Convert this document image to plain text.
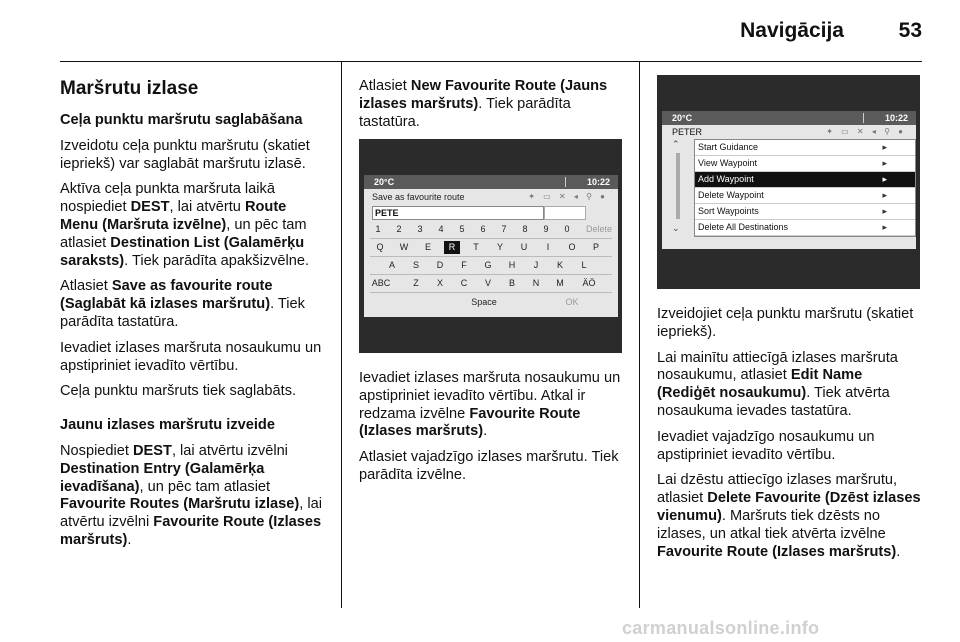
Navigācija	53
Maršrutu izlase

Ceļa punktu maršrutu saglabāšana

Izveidotu ceļa punktu maršrutu (skatiet iepriekš) var saglabāt maršrutu izlasē.

Aktīva ceļa punkta maršruta laikā nospiediet DEST, lai atvērtu Route Menu (Maršruta izvēlne), un pēc tam atlasiet Destination List (Galamērķu saraksts). Tiek parādīta apakšizvēlne.

Atlasiet Save as favourite route (Saglabāt kā izlases maršrutu). Tiek parādīta tastatūra.

Ievadiet izlases maršruta nosaukumu un apstipriniet ievadīto vērtību.

Ceļa punktu maršruts tiek saglabāts.

Jaunu izlases maršrutu izveide

Nospiediet DEST, lai atvērtu izvēlni Destination Entry (Galamērķa ievadīšana), un pēc tam atlasiet Favourite Routes (Maršrutu izlase), lai atvērtu izvēlni Favourite Route (Izlases maršruts).

Atlasiet New Favourite Route (Jauns izlases maršruts). Tiek parādīta tastatūra.

20°C	10:22
Save as favourite route	✦ ▭ ✕ ◂ ⚲ ●
PETE
1	2	3	4	5	6	7	8	9	0	Delete
Q	W	E	R	T	Y	U	I	O	P
A	S	D	F	G	H	J	K	L
ABC	Z	X	C	V	B	N	M	ÄÖ
Space	OK

Ievadiet izlases maršruta nosaukumu un apstipriniet ievadīto vērtību. Atkal ir redzama izvēlne Favourite Route (Izlases maršruts).

Atlasiet vajadzīgo izlases maršrutu. Tiek parādīta izvēlne.

20°C	10:22
PETER	✦ ▭ ✕ ◂ ⚲ ●
⌃
⌄
Start Guidance	▸
View Waypoint	▸
Add Waypoint	▸
Delete Waypoint	▸
Sort Waypoints	▸
Delete All Destinations	▸

Izveidojiet ceļa punktu maršrutu (skatiet iepriekš).

Lai mainītu attiecīgā izlases maršruta nosaukumu, atlasiet Edit Name (Rediģēt nosaukumu). Tiek atvērta nosaukuma ievades tastatūra.

Ievadiet vajadzīgo nosaukumu un apstipriniet ievadīto vērtību.

Lai dzēstu attiecīgo izlases maršrutu, atlasiet Delete Favourite (Dzēst izlases vienumu). Maršruts tiek dzēsts no izlases, un atkal tiek atvērta izvēlne Favourite Route (Izlases maršruts).

carmanualsonline.info
